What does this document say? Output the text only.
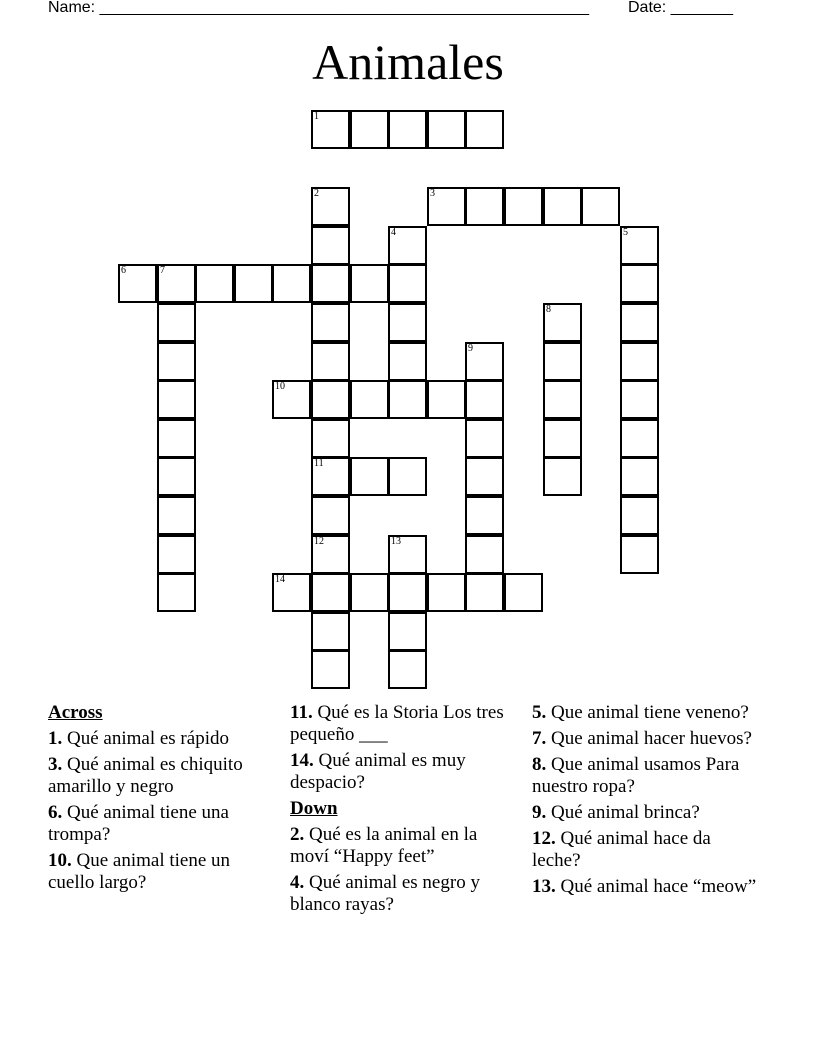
Name: _______________________________________________________ Date: _______
Animales
1
2
11
12
3
4	5
6	7
8
9
10
13
14
Across
1. Qué animal es rápido
3. Qué animal es chiquito amarillo y negro
6. Qué animal tiene una trompa?
10. Que animal tiene un cuello largo?
11. Qué es la Storia Los tres pequeño ___
14. Qué animal es muy despacio?
Down
2. Qué es la animal en la moví “Happy feet”
4. Qué animal es negro y blanco rayas?
5. Que animal tiene veneno?
7. Que animal hacer huevos?
8. Que animal usamos Para nuestro ropa?
9. Qué animal brinca?
12. Qué animal hace da leche?
13. Qué animal hace “meow”
